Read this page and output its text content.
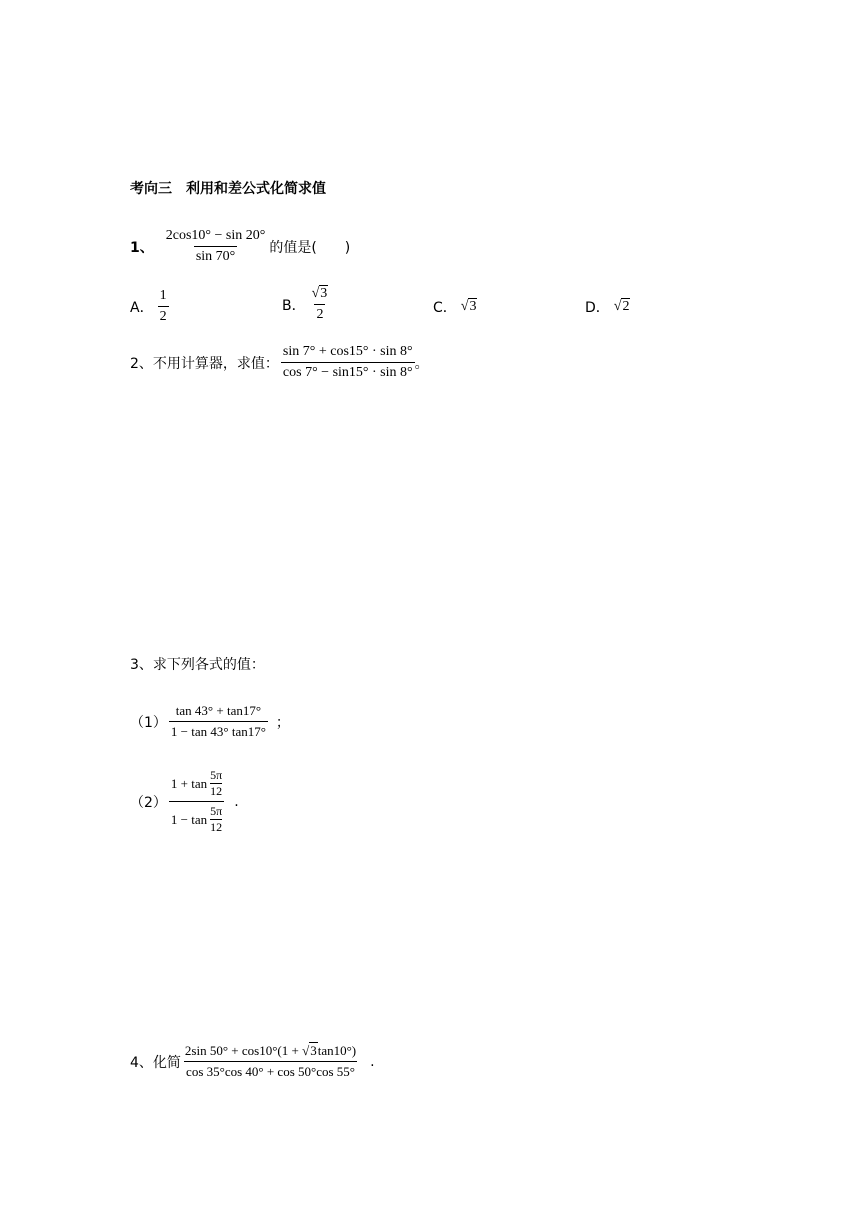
考向三　利用和差公式化简求值
1、 $\frac{2\cos 10^\circ - \sin 20^\circ}{\sin 70^\circ}$ 的值是(　　)
A． $\frac{1}{2}$	B． $\frac{√3}{2}$	C． √3	D． √2
2、不用计算器，求值： $\frac{\sin 7^\circ + \cos 15^\circ \cdot \sin 8^\circ}{\cos 7^\circ - \sin 15^\circ \cdot \sin 8^\circ}$ 。
3、求下列各式的值：
$(1) \frac{\tan 43^\circ + \tan 17^\circ}{1 - \tan 43^\circ \tan 17^\circ}$ ；
$(2) \frac{1 + \tan \frac{5\pi}{12}}{1 - \tan \frac{5\pi}{12}}$ .
4、化简 $\frac{2\sin 50^\circ + \cos 10^\circ(1 + √3\tan 10^\circ)}{\cos 35^\circ\cos 40^\circ + \cos 50^\circ\cos 55^\circ}$ .
